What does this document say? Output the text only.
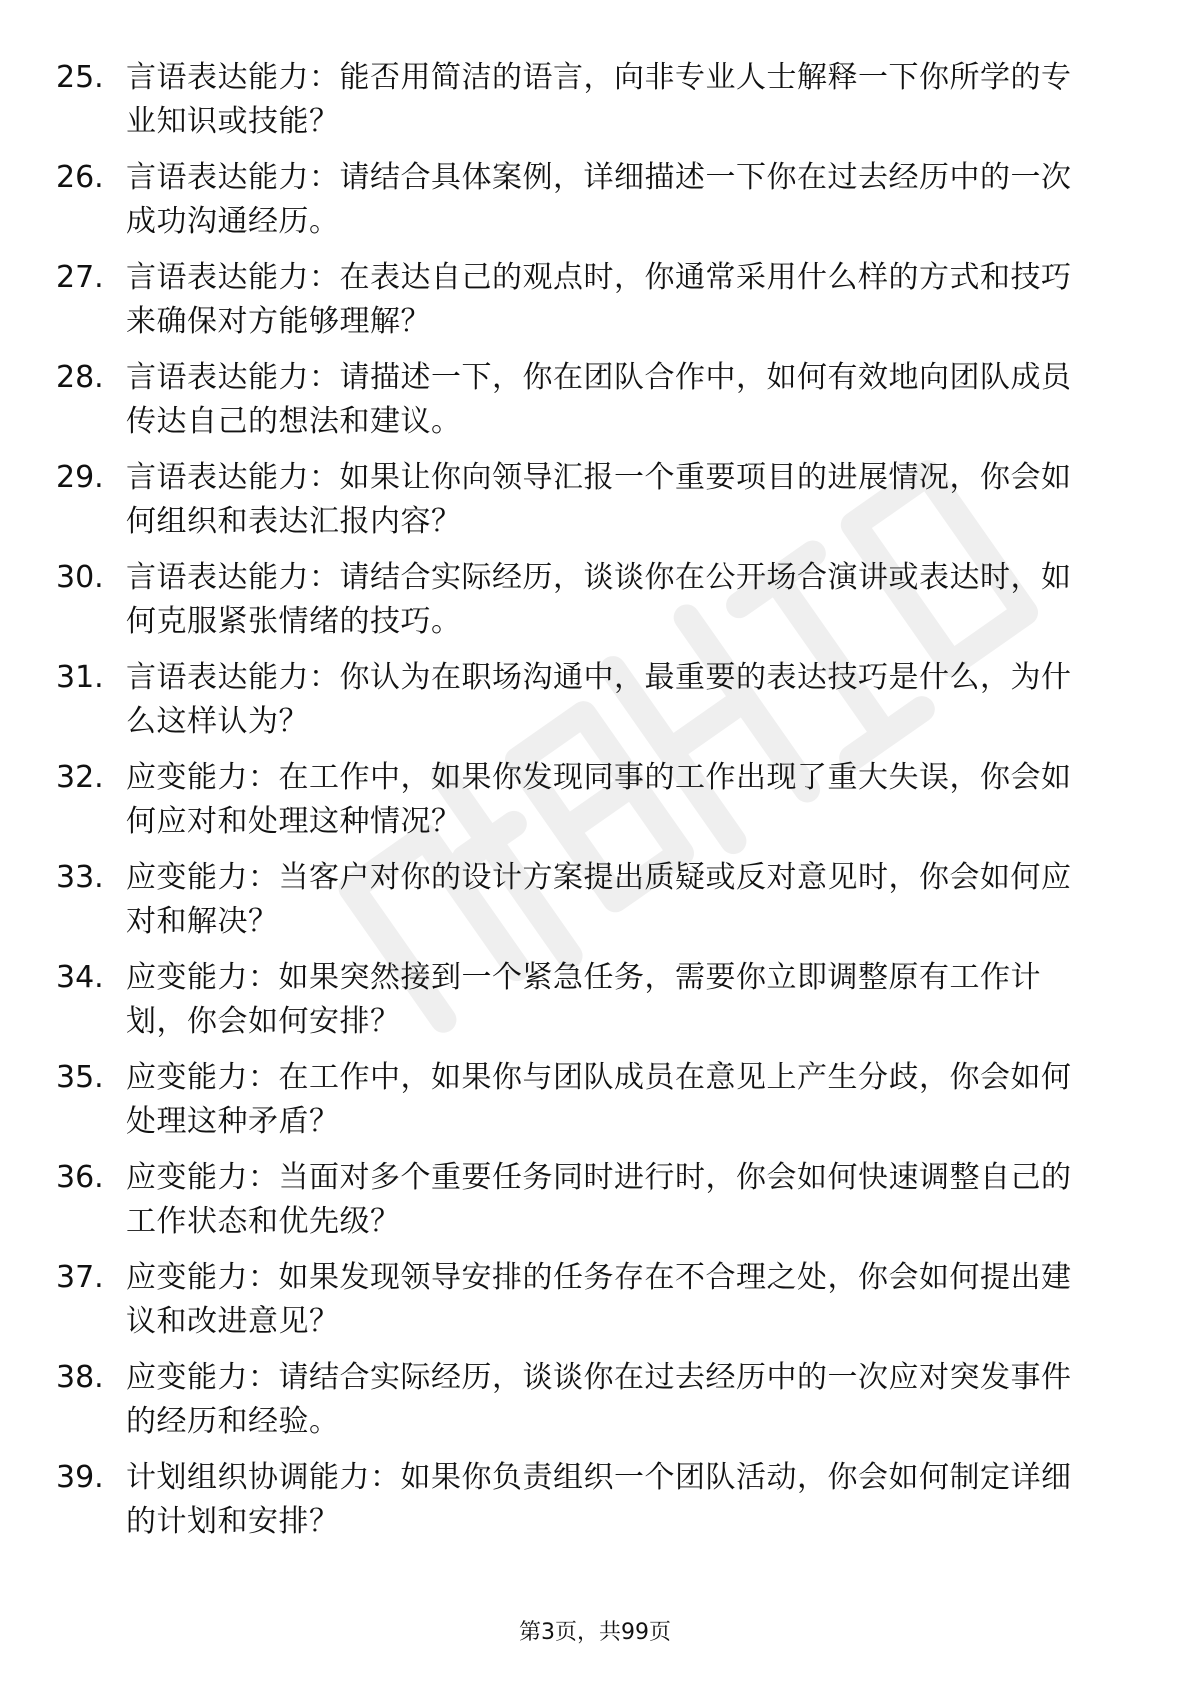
25. 言语表达能力：能否用简洁的语言，向非专业人士解释一下你所学的专业知识或技能？
26. 言语表达能力：请结合具体案例，详细描述一下你在过去经历中的一次成功沟通经历。
27. 言语表达能力：在表达自己的观点时，你通常采用什么样的方式和技巧来确保对方能够理解？
28. 言语表达能力：请描述一下，你在团队合作中，如何有效地向团队成员传达自己的想法和建议。
29. 言语表达能力：如果让你向领导汇报一个重要项目的进展情况，你会如何组织和表达汇报内容？
30. 言语表达能力：请结合实际经历，谈谈你在公开场合演讲或表达时，如何克服紧张情绪的技巧。
31. 言语表达能力：你认为在职场沟通中，最重要的表达技巧是什么，为什么这样认为？
32. 应变能力：在工作中，如果你发现同事的工作出现了重大失误，你会如何应对和处理这种情况？
33. 应变能力：当客户对你的设计方案提出质疑或反对意见时，你会如何应对和解决？
34. 应变能力：如果突然接到一个紧急任务，需要你立即调整原有工作计划，你会如何安排？
35. 应变能力：在工作中，如果你与团队成员在意见上产生分歧，你会如何处理这种矛盾？
36. 应变能力：当面对多个重要任务同时进行时，你会如何快速调整自己的工作状态和优先级？
37. 应变能力：如果发现领导安排的任务存在不合理之处，你会如何提出建议和改进意见？
38. 应变能力：请结合实际经历，谈谈你在过去经历中的一次应对突发事件的经历和经验。
39. 计划组织协调能力：如果你负责组织一个团队活动，你会如何制定详细的计划和安排？
第3页，共99页
